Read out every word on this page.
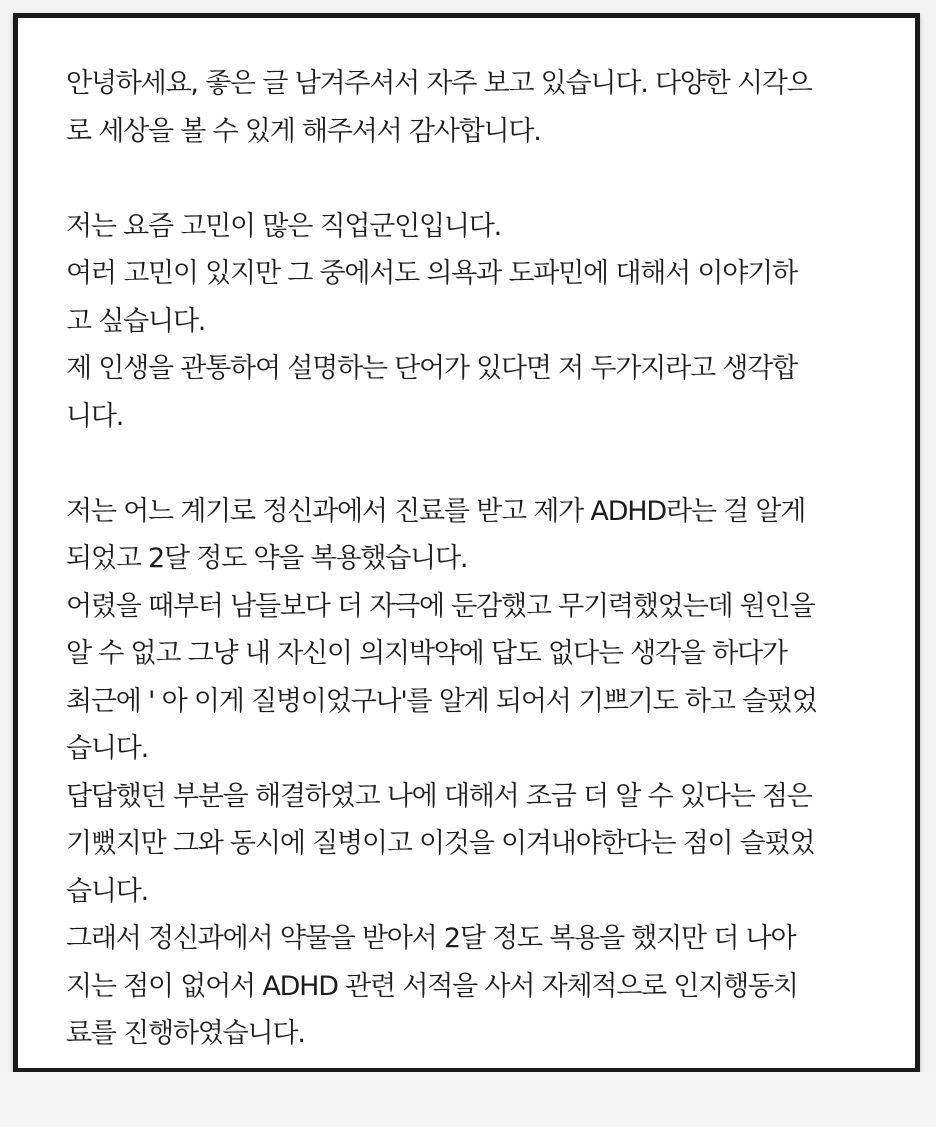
안녕하세요, 좋은 글 남겨주셔서 자주 보고 있습니다. 다양한 시각으
로 세상을 볼 수 있게 해주셔서 감사합니다.
저는 요즘 고민이 많은 직업군인입니다.
여러 고민이 있지만 그 중에서도 의욕과 도파민에 대해서 이야기하
고 싶습니다.
제 인생을 관통하여 설명하는 단어가 있다면 저 두가지라고 생각합
니다.
저는 어느 계기로 정신과에서 진료를 받고 제가 ADHD라는 걸 알게
되었고 2달 정도 약을 복용했습니다.
어렸을 때부터 남들보다 더 자극에 둔감했고 무기력했었는데 원인을
알 수 없고 그냥 내 자신이 의지박약에 답도 없다는 생각을 하다가
최근에 ' 아 이게 질병이었구나'를 알게 되어서 기쁘기도 하고 슬펐었
습니다.
답답했던 부분을 해결하였고 나에 대해서 조금 더 알 수 있다는 점은
기뻤지만 그와 동시에 질병이고 이것을 이겨내야한다는 점이 슬펐었
습니다.
그래서 정신과에서 약물을 받아서 2달 정도 복용을 했지만 더 나아
지는 점이 없어서 ADHD 관련 서적을 사서 자체적으로 인지행동치
료를 진행하였습니다.
